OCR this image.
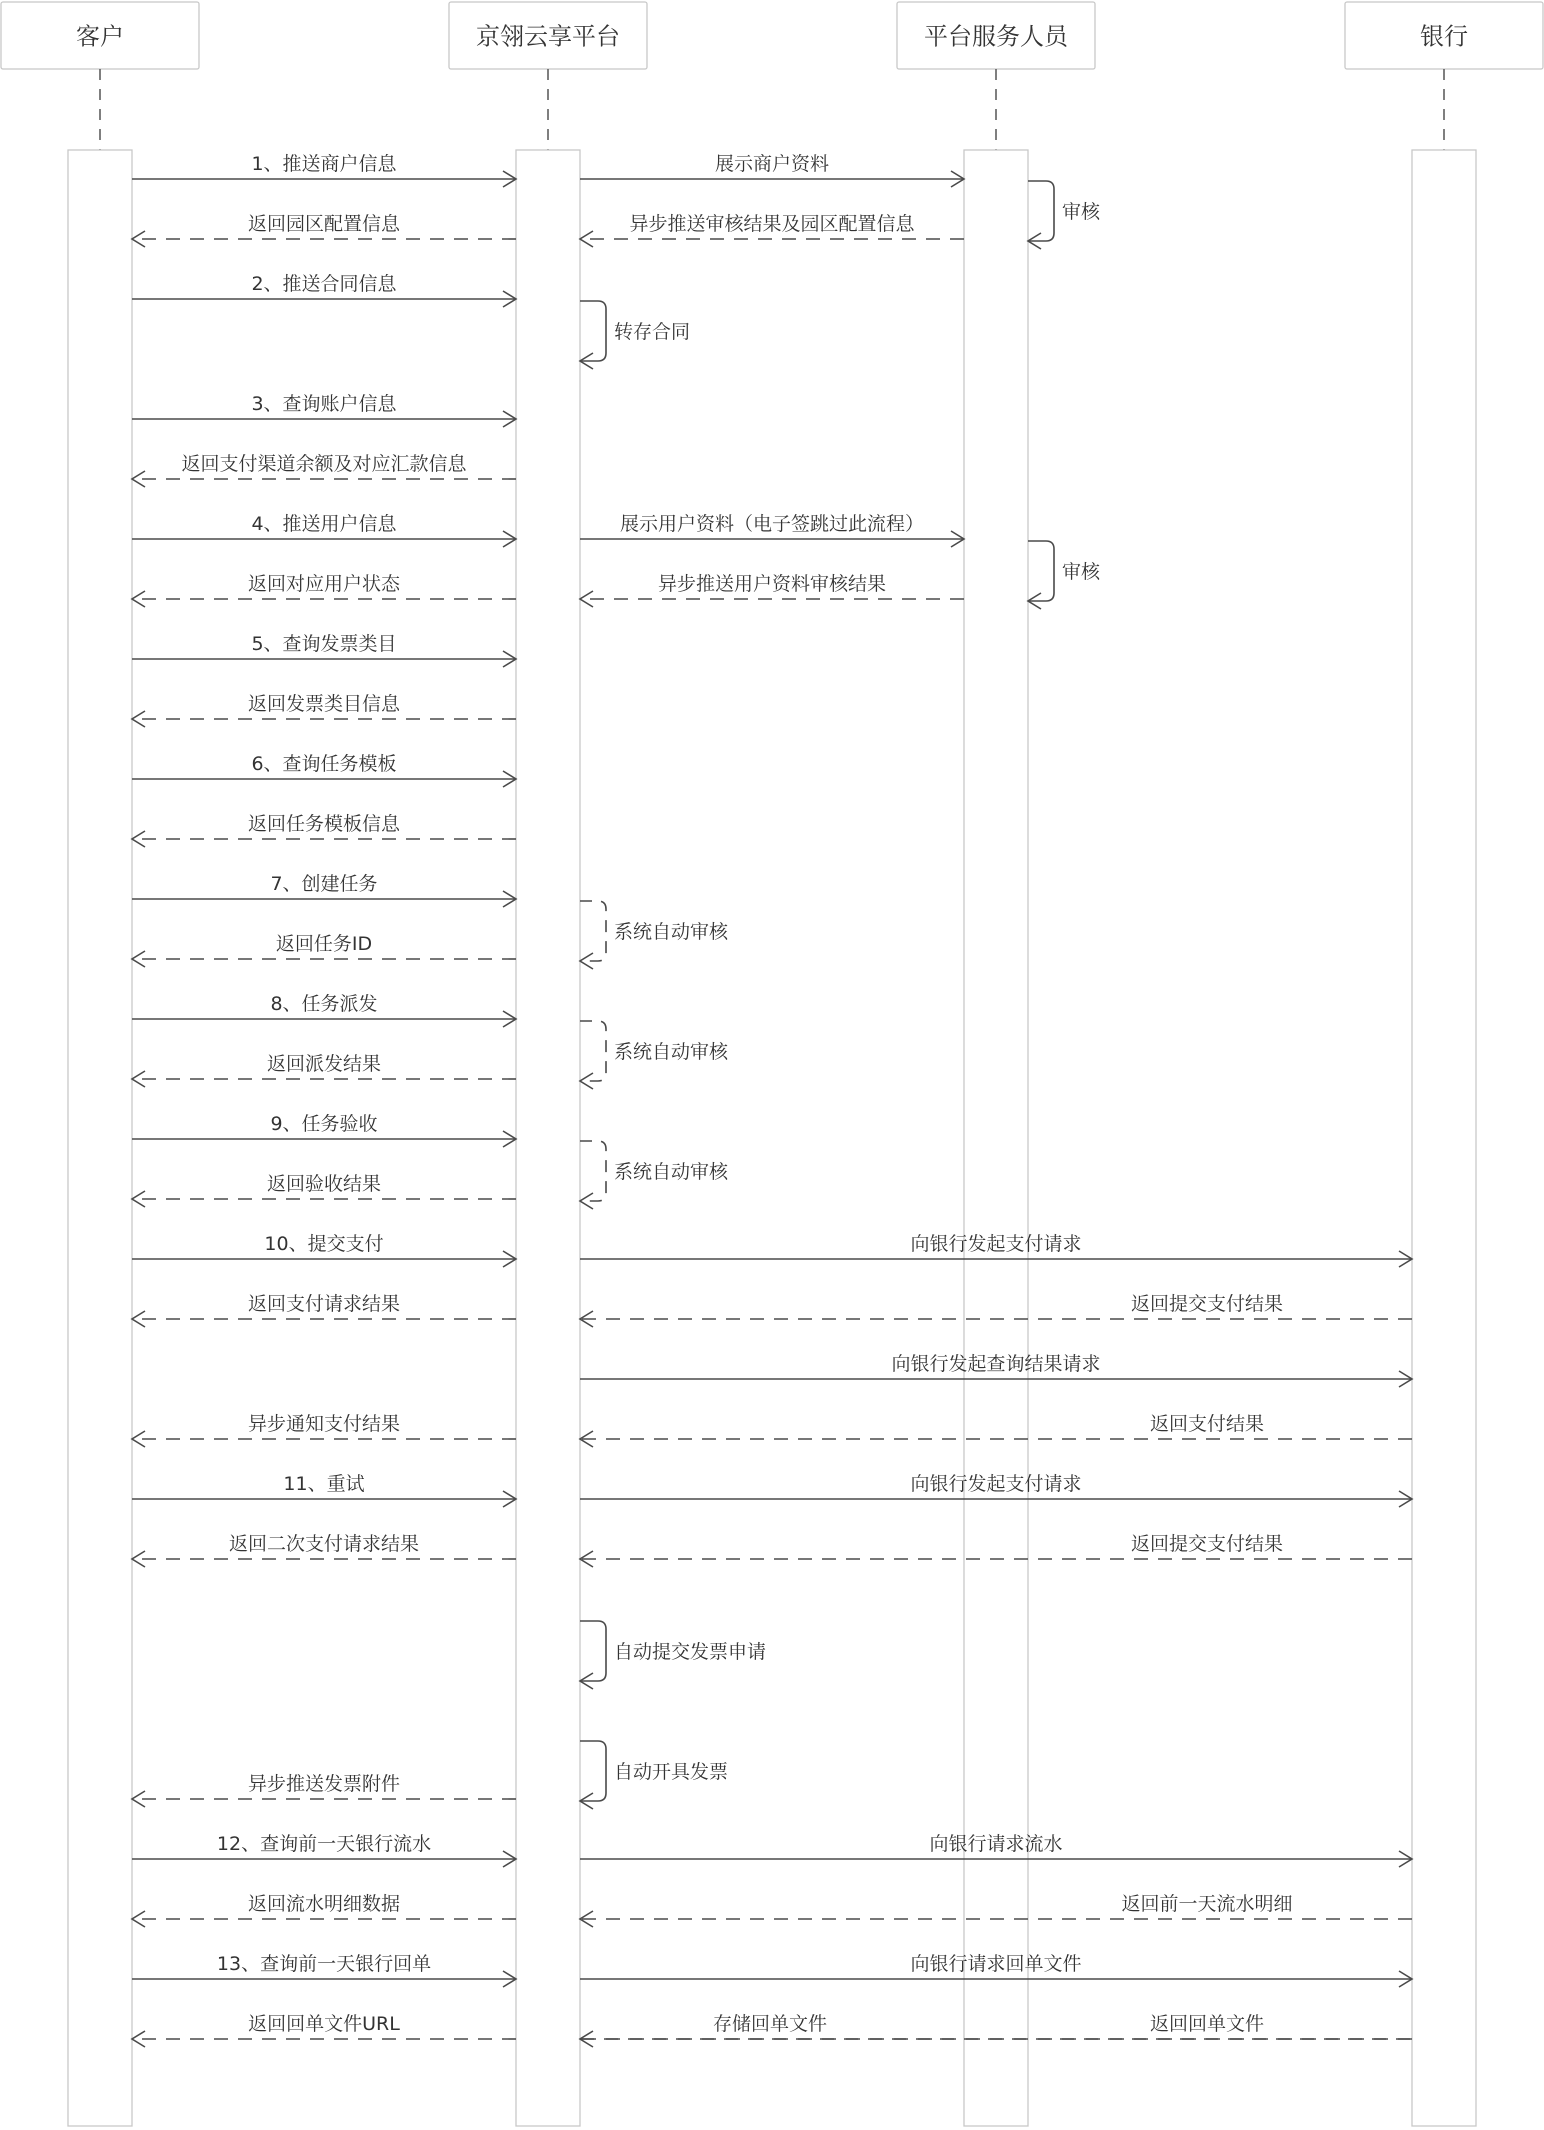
客户	京翎云享平台	平台服务人员	银行
1、推送商户信息	展示商户资料
返回园区配置信息	异步推送审核结果及园区配置信息
2、推送合同信息
3、查询账户信息
返回支付渠道余额及对应汇款信息
4、推送用户信息	展示用户资料（电子签跳过此流程）
返回对应用户状态	异步推送用户资料审核结果
5、查询发票类目
返回发票类目信息
6、查询任务模板
返回任务模板信息
7、创建任务
返回任务ID
8、任务派发
返回派发结果
9、任务验收
返回验收结果
10、提交支付	向银行发起支付请求
返回支付请求结果	返回提交支付结果
向银行发起查询结果请求
异步通知支付结果	返回支付结果
11、重试	向银行发起支付请求
返回二次支付请求结果	返回提交支付结果
异步推送发票附件
12、查询前一天银行流水	向银行请求流水
返回流水明细数据	返回前一天流水明细
13、查询前一天银行回单	向银行请求回单文件
返回回单文件URL	存储回单文件	返回回单文件
审核
转存合同
审核
系统自动审核
系统自动审核
系统自动审核
自动提交发票申请
自动开具发票
